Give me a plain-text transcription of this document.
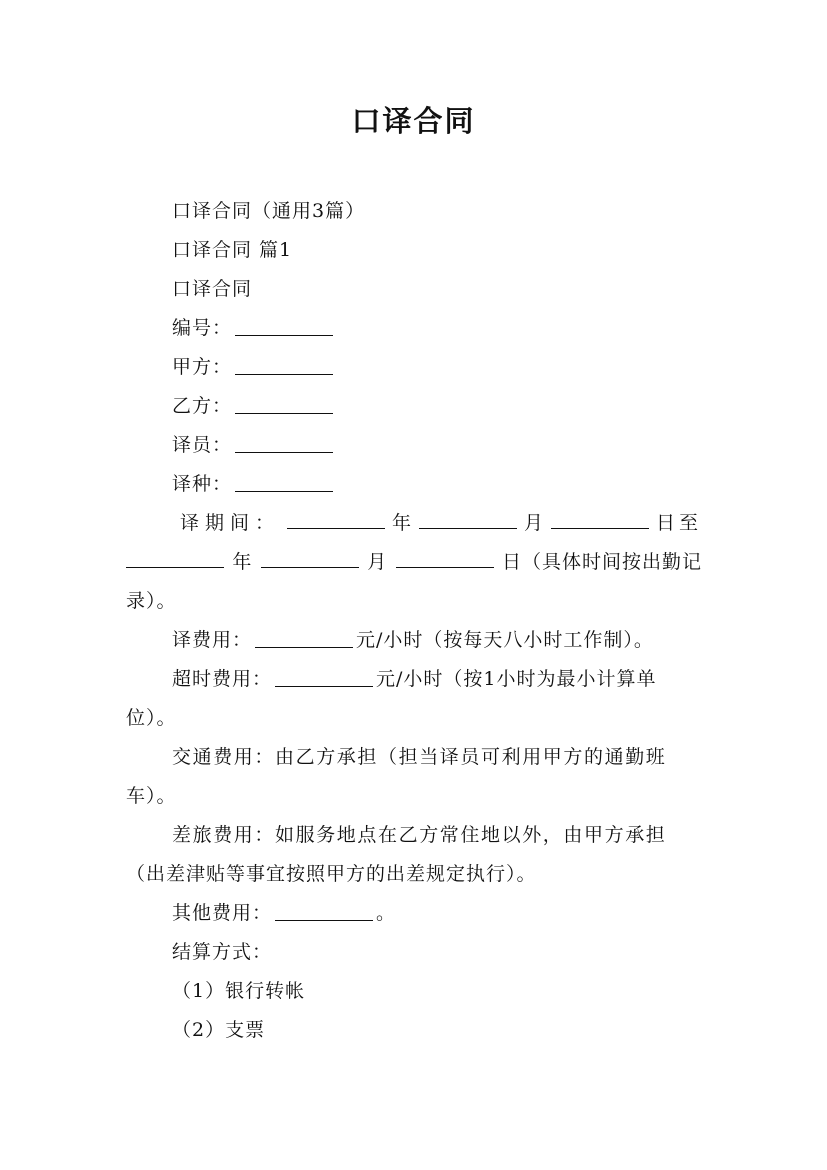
口译合同
口译合同（通用3篇）
口译合同 篇1
口译合同
编号：
甲方：
乙方：
译员：
译种：
译期间：	年	月	日至
年	月	日（具体时间按出勤记
录）。
译费用：	元/小时（按每天八小时工作制）。
超时费用：	元/小时（按1小时为最小计算单
位）。
交通费用：由乙方承担（担当译员可利用甲方的通勤班
车）。
差旅费用：如服务地点在乙方常住地以外，由甲方承担
（出差津贴等事宜按照甲方的出差规定执行）。
其他费用：	。
结算方式：
（1）银行转帐
（2）支票
